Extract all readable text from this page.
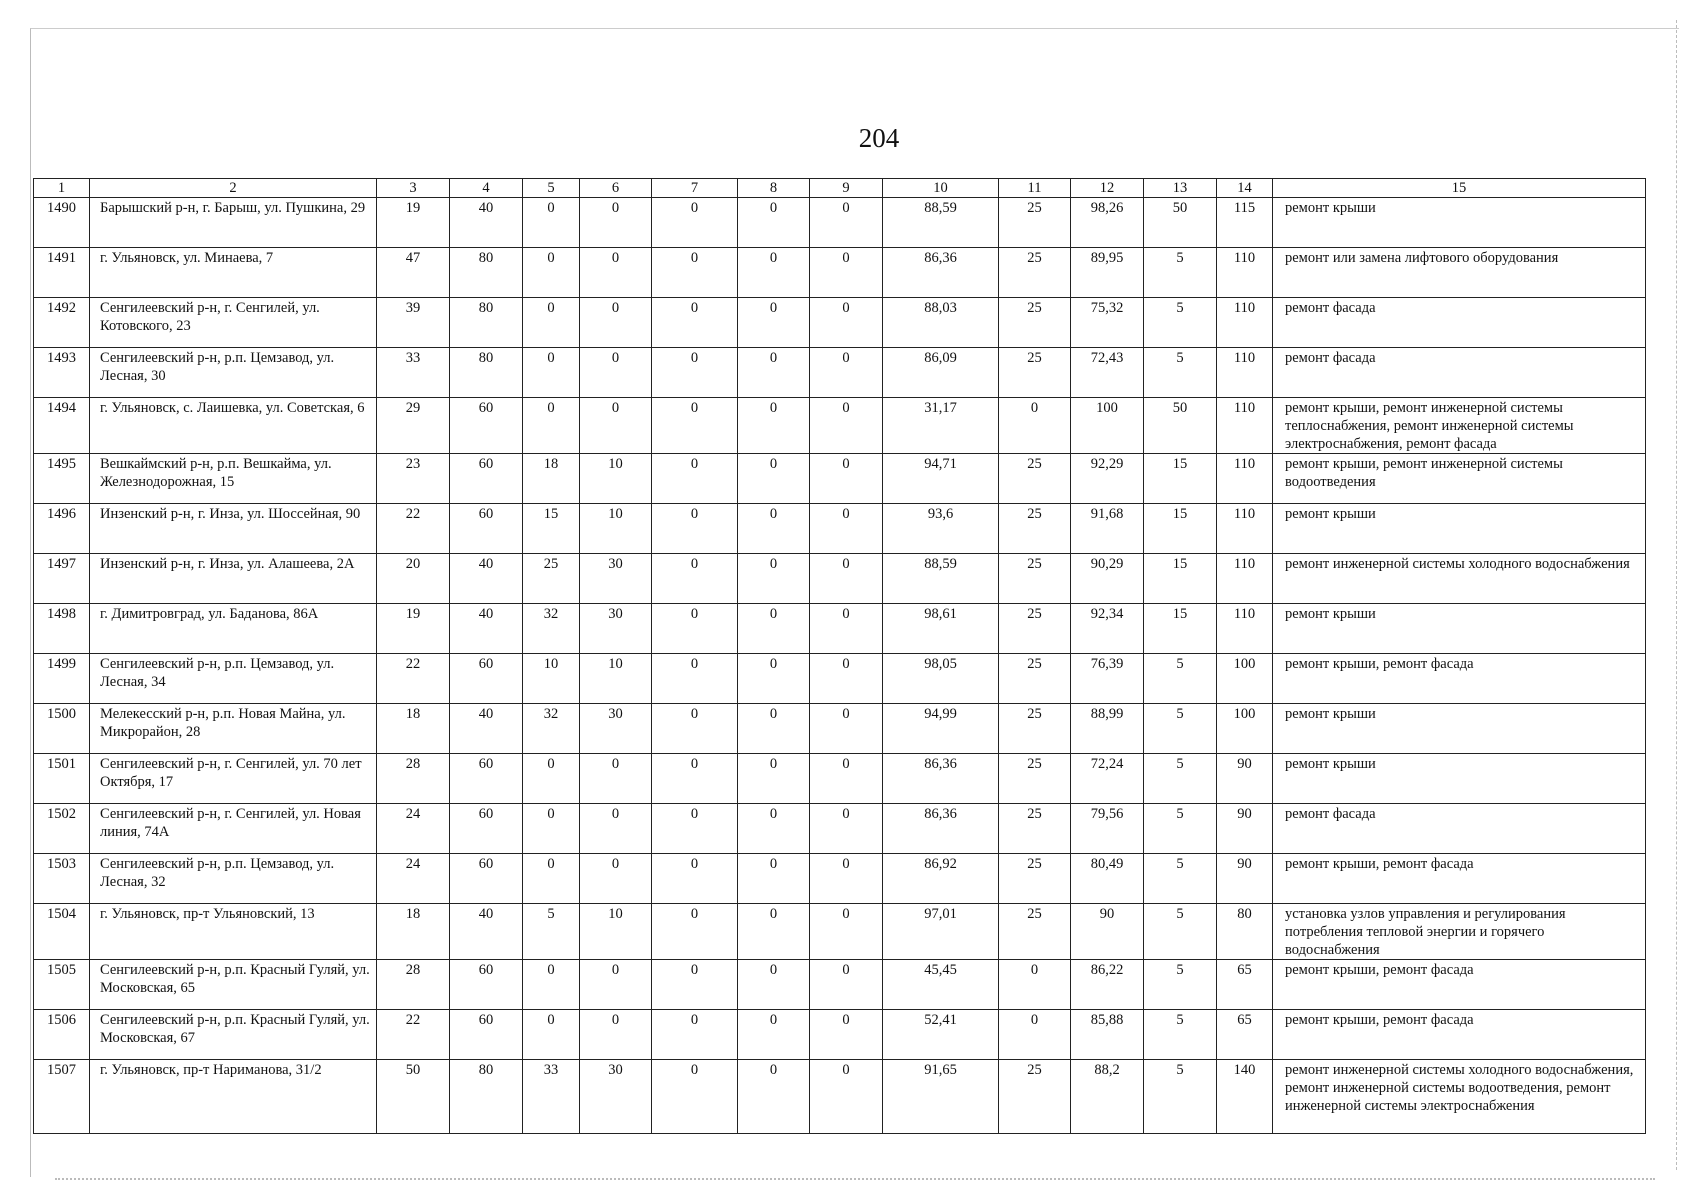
204
1	2	3	4	5	6	7	8	9	10	11	12	13	14	15
1490	Барышский р-н, г. Барыш, ул. Пушкина, 29	19	40	0	0	0	0	0	88,59	25	98,26	50	115	ремонт крыши
1491	г. Ульяновск, ул. Минаева, 7	47	80	0	0	0	0	0	86,36	25	89,95	5	110	ремонт или замена лифтового оборудования
1492	Сенгилеевский р-н, г. Сенгилей, ул. Котовского, 23	39	80	0	0	0	0	0	88,03	25	75,32	5	110	ремонт фасада
1493	Сенгилеевский р-н, р.п. Цемзавод, ул. Лесная, 30	33	80	0	0	0	0	0	86,09	25	72,43	5	110	ремонт фасада
1494	г. Ульяновск, с. Лаишевка, ул. Советская, 6	29	60	0	0	0	0	0	31,17	0	100	50	110	ремонт крыши, ремонт инженерной системы теплоснабжения, ремонт инженерной системы электроснабжения, ремонт фасада
1495	Вешкаймский р-н, р.п. Вешкайма, ул. Железнодорожная, 15	23	60	18	10	0	0	0	94,71	25	92,29	15	110	ремонт крыши, ремонт инженерной системы водоотведения
1496	Инзенский р-н, г. Инза, ул. Шоссейная, 90	22	60	15	10	0	0	0	93,6	25	91,68	15	110	ремонт крыши
1497	Инзенский р-н, г. Инза, ул. Алашеева, 2А	20	40	25	30	0	0	0	88,59	25	90,29	15	110	ремонт инженерной системы холодного водоснабжения
1498	г. Димитровград, ул. Баданова, 86А	19	40	32	30	0	0	0	98,61	25	92,34	15	110	ремонт крыши
1499	Сенгилеевский р-н, р.п. Цемзавод, ул. Лесная, 34	22	60	10	10	0	0	0	98,05	25	76,39	5	100	ремонт крыши, ремонт фасада
1500	Мелекесский р-н, р.п. Новая Майна, ул. Микрорайон, 28	18	40	32	30	0	0	0	94,99	25	88,99	5	100	ремонт крыши
1501	Сенгилеевский р-н, г. Сенгилей, ул. 70 лет Октября, 17	28	60	0	0	0	0	0	86,36	25	72,24	5	90	ремонт крыши
1502	Сенгилеевский р-н, г. Сенгилей, ул. Новая линия, 74А	24	60	0	0	0	0	0	86,36	25	79,56	5	90	ремонт фасада
1503	Сенгилеевский р-н, р.п. Цемзавод, ул. Лесная, 32	24	60	0	0	0	0	0	86,92	25	80,49	5	90	ремонт крыши, ремонт фасада
1504	г. Ульяновск, пр-т Ульяновский, 13	18	40	5	10	0	0	0	97,01	25	90	5	80	установка узлов управления и регулирования потребления тепловой энергии и горячего водоснабжения
1505	Сенгилеевский р-н, р.п. Красный Гуляй, ул. Московская, 65	28	60	0	0	0	0	0	45,45	0	86,22	5	65	ремонт крыши, ремонт фасада
1506	Сенгилеевский р-н, р.п. Красный Гуляй, ул. Московская, 67	22	60	0	0	0	0	0	52,41	0	85,88	5	65	ремонт крыши, ремонт фасада
1507	г. Ульяновск, пр-т Нариманова, 31/2	50	80	33	30	0	0	0	91,65	25	88,2	5	140	ремонт инженерной системы холодного водоснабжения, ремонт инженерной системы водоотведения, ремонт инженерной системы электроснабжения
